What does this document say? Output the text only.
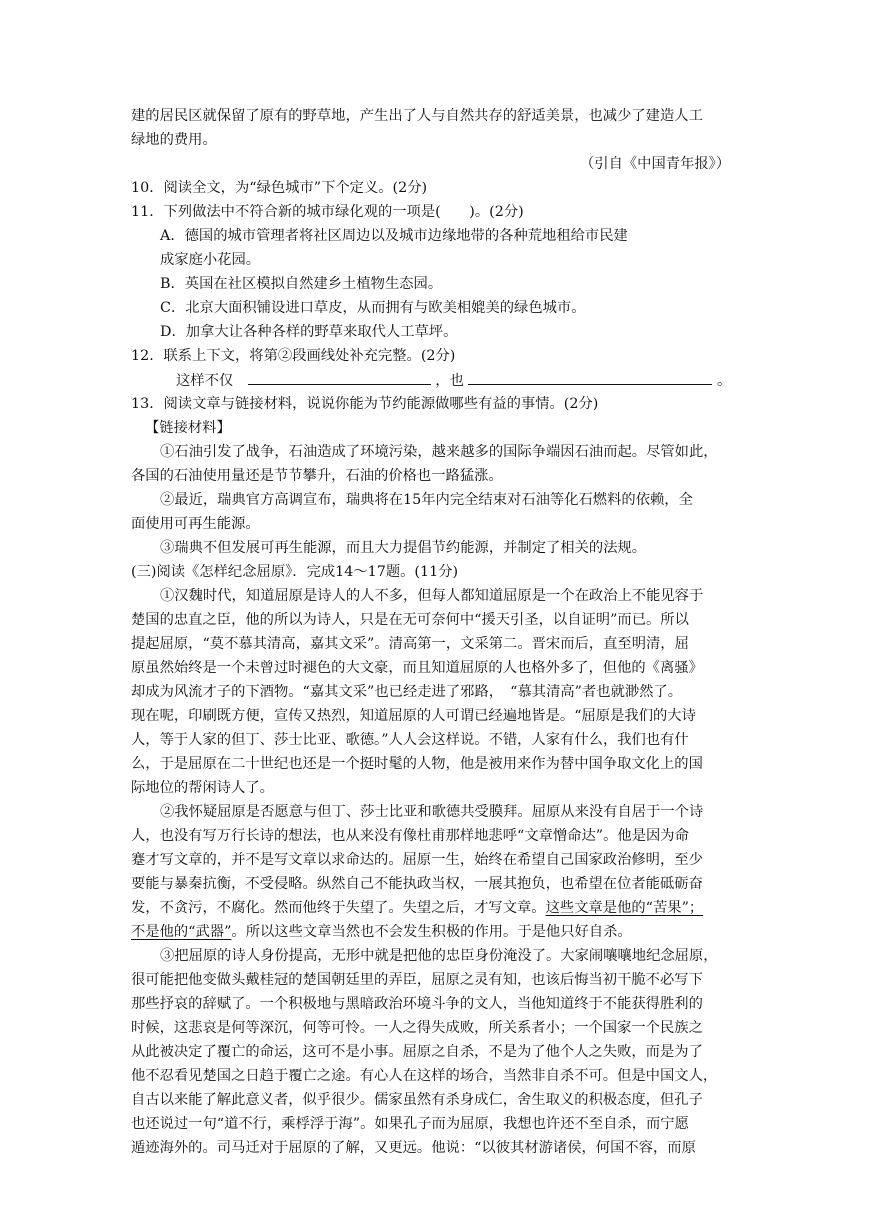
建的居民区就保留了原有的野草地，产生出了人与自然共存的舒适美景，也减少了建造人工
绿地的费用。
（引自《中国青年报》）
10．阅读全文，为“绿色城市”下个定义。(2分)
11．下列做法中不符合新的城市绿化观的一项是(　　)。(2分)
A．德国的城市管理者将社区周边以及城市边缘地带的各种荒地租给市民建
成家庭小花园。
B．英国在社区模拟自然建乡土植物生态园。
C．北京大面积铺设进口草皮，从而拥有与欧美相媲美的绿色城市。
D．加拿大让各种各样的野草来取代人工草坪。
12．联系上下文，将第②段画线处补充完整。(2分)
这样不仅	，也	。
13．阅读文章与链接材料，说说你能为节约能源做哪些有益的事情。(2分)
【链接材料】
①石油引发了战争，石油造成了环境污染，越来越多的国际争端因石油而起。尽管如此，
各国的石油使用量还是节节攀升，石油的价格也一路猛涨。
②最近，瑞典官方高调宣布，瑞典将在15年内完全结束对石油等化石燃料的依赖，全
面使用可再生能源。
③瑞典不但发展可再生能源，而且大力提倡节约能源，并制定了相关的法规。
(三)阅读《怎样纪念屈原》．完成14～17题。(11分)
①汉魏时代，知道屈原是诗人的人不多，但每人都知道屈原是一个在政治上不能见容于
楚国的忠直之臣，他的所以为诗人，只是在无可奈何中“援天引圣，以自证明”而已。所以
提起屈原，“莫不慕其清高，嘉其文采”。清高第一，文采第二。晋宋而后，直至明清，屈
原虽然始终是一个未曾过时褪色的大文豪，而且知道屈原的人也格外多了，但他的《离骚》
却成为风流才子的下酒物。“嘉其文采”也已经走进了邪路，　“慕其清高”者也就渺然了。
现在呢，印刷既方便，宣传又热烈，知道屈原的人可谓已经遍地皆是。“屈原是我们的大诗
人，等于人家的但丁、莎士比亚、歌德。”人人会这样说。不错，人家有什么，我们也有什
么，于是屈原在二十世纪也还是一个挺时髦的人物，他是被用来作为替中国争取文化上的国
际地位的帮闲诗人了。
②我怀疑屈原是否愿意与但丁、莎士比亚和歌德共受膜拜。屈原从来没有自居于一个诗
人，也没有写万行长诗的想法，也从来没有像杜甫那样地悲呼“文章憎命达”。他是因为命
蹇才写文章的，并不是写文章以求命达的。屈原一生，始终在希望自己国家政治修明，至少
要能与暴秦抗衡，不受侵略。纵然自己不能执政当权，一展其抱负，也希望在位者能砥砺奋
发，不贪污，不腐化。然而他终于失望了。失望之后，才写文章。这些文章是他的“苦果”；
不是他的“武器”。所以这些文章当然也不会发生积极的作用。于是他只好自杀。
③把屈原的诗人身份提高，无形中就是把他的忠臣身份淹没了。大家闹嚷嚷地纪念屈原，
很可能把他变做头戴桂冠的楚国朝廷里的弄臣，屈原之灵有知，也该后悔当初干脆不必写下
那些抒哀的辞赋了。一个积极地与黑暗政治环境斗争的文人，当他知道终于不能获得胜利的
时候，这悲哀是何等深沉，何等可怜。一人之得失成败，所关系者小；一个国家一个民族之
从此被决定了覆亡的命运，这可不是小事。屈原之自杀，不是为了他个人之失败，而是为了
他不忍看见楚国之日趋于覆亡之途。有心人在这样的场合，当然非自杀不可。但是中国文人，
自古以来能了解此意义者，似乎很少。儒家虽然有杀身成仁，舍生取义的积极态度，但孔子
也还说过一句“道不行，乘桴浮于海”。如果孔子而为屈原，我想也许还不至自杀，而宁愿
遁迹海外的。司马迁对于屈原的了解，又更远。他说：“以彼其材游诸侯，何国不容，而原
